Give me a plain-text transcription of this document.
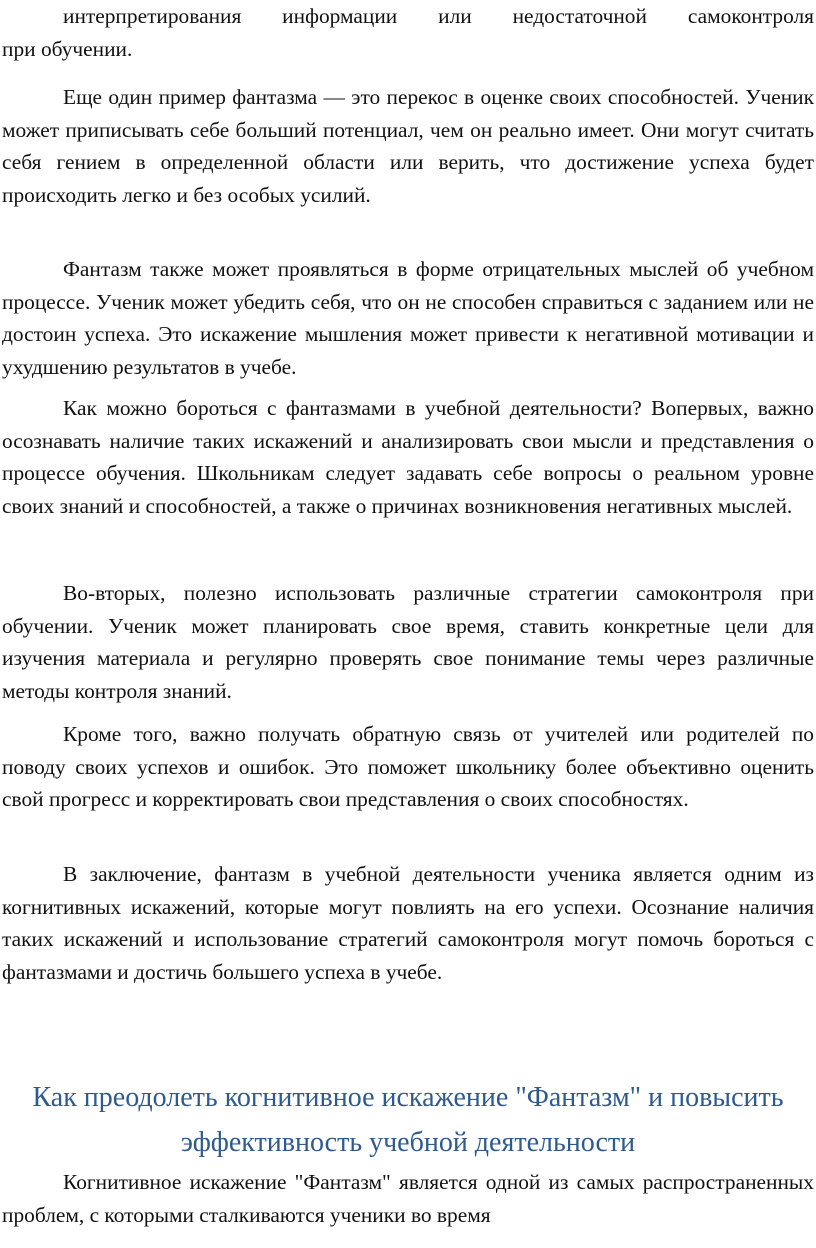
интерпретирования информации или недостаточной самоконтроля
при обучении.

Еще один пример фантазма — это перекос в оценке своих способностей. Ученик может приписывать себе больший потенциал, чем он реально имеет. Они могут считать себя гением в определенной области или верить, что достижение успеха будет происходить легко и без особых усилий.

Фантазм также может проявляться в форме отрицательных мыслей об учебном процессе. Ученик может убедить себя, что он не способен справиться с заданием или не достоин успеха. Это искажение мышления может привести к негативной мотивации и ухудшению результатов в учебе.

Как можно бороться с фантазмами в учебной деятельности? Вопервых, важно осознавать наличие таких искажений и анализировать свои мысли и представления о процессе обучения. Школьникам следует задавать себе вопросы о реальном уровне своих знаний и способностей, а также о причинах возникновения негативных мыслей.

Во-вторых, полезно использовать различные стратегии самоконтроля при обучении. Ученик может планировать свое время, ставить конкретные цели для изучения материала и регулярно проверять свое понимание темы через различные методы контроля знаний.

Кроме того, важно получать обратную связь от учителей или родителей по поводу своих успехов и ошибок. Это поможет школьнику более объективно оценить свой прогресс и корректировать свои представления о своих способностях.

В заключение, фантазм в учебной деятельности ученика является одним из когнитивных искажений, которые могут повлиять на его успехи. Осознание наличия таких искажений и использование стратегий самоконтроля могут помочь бороться с фантазмами и достичь большего успеха в учебе.

Как преодолеть когнитивное искажение "Фантазм" и повысить эффективность учебной деятельности

Когнитивное искажение "Фантазм" является одной из самых распространенных проблем, с которыми сталкиваются ученики во время
